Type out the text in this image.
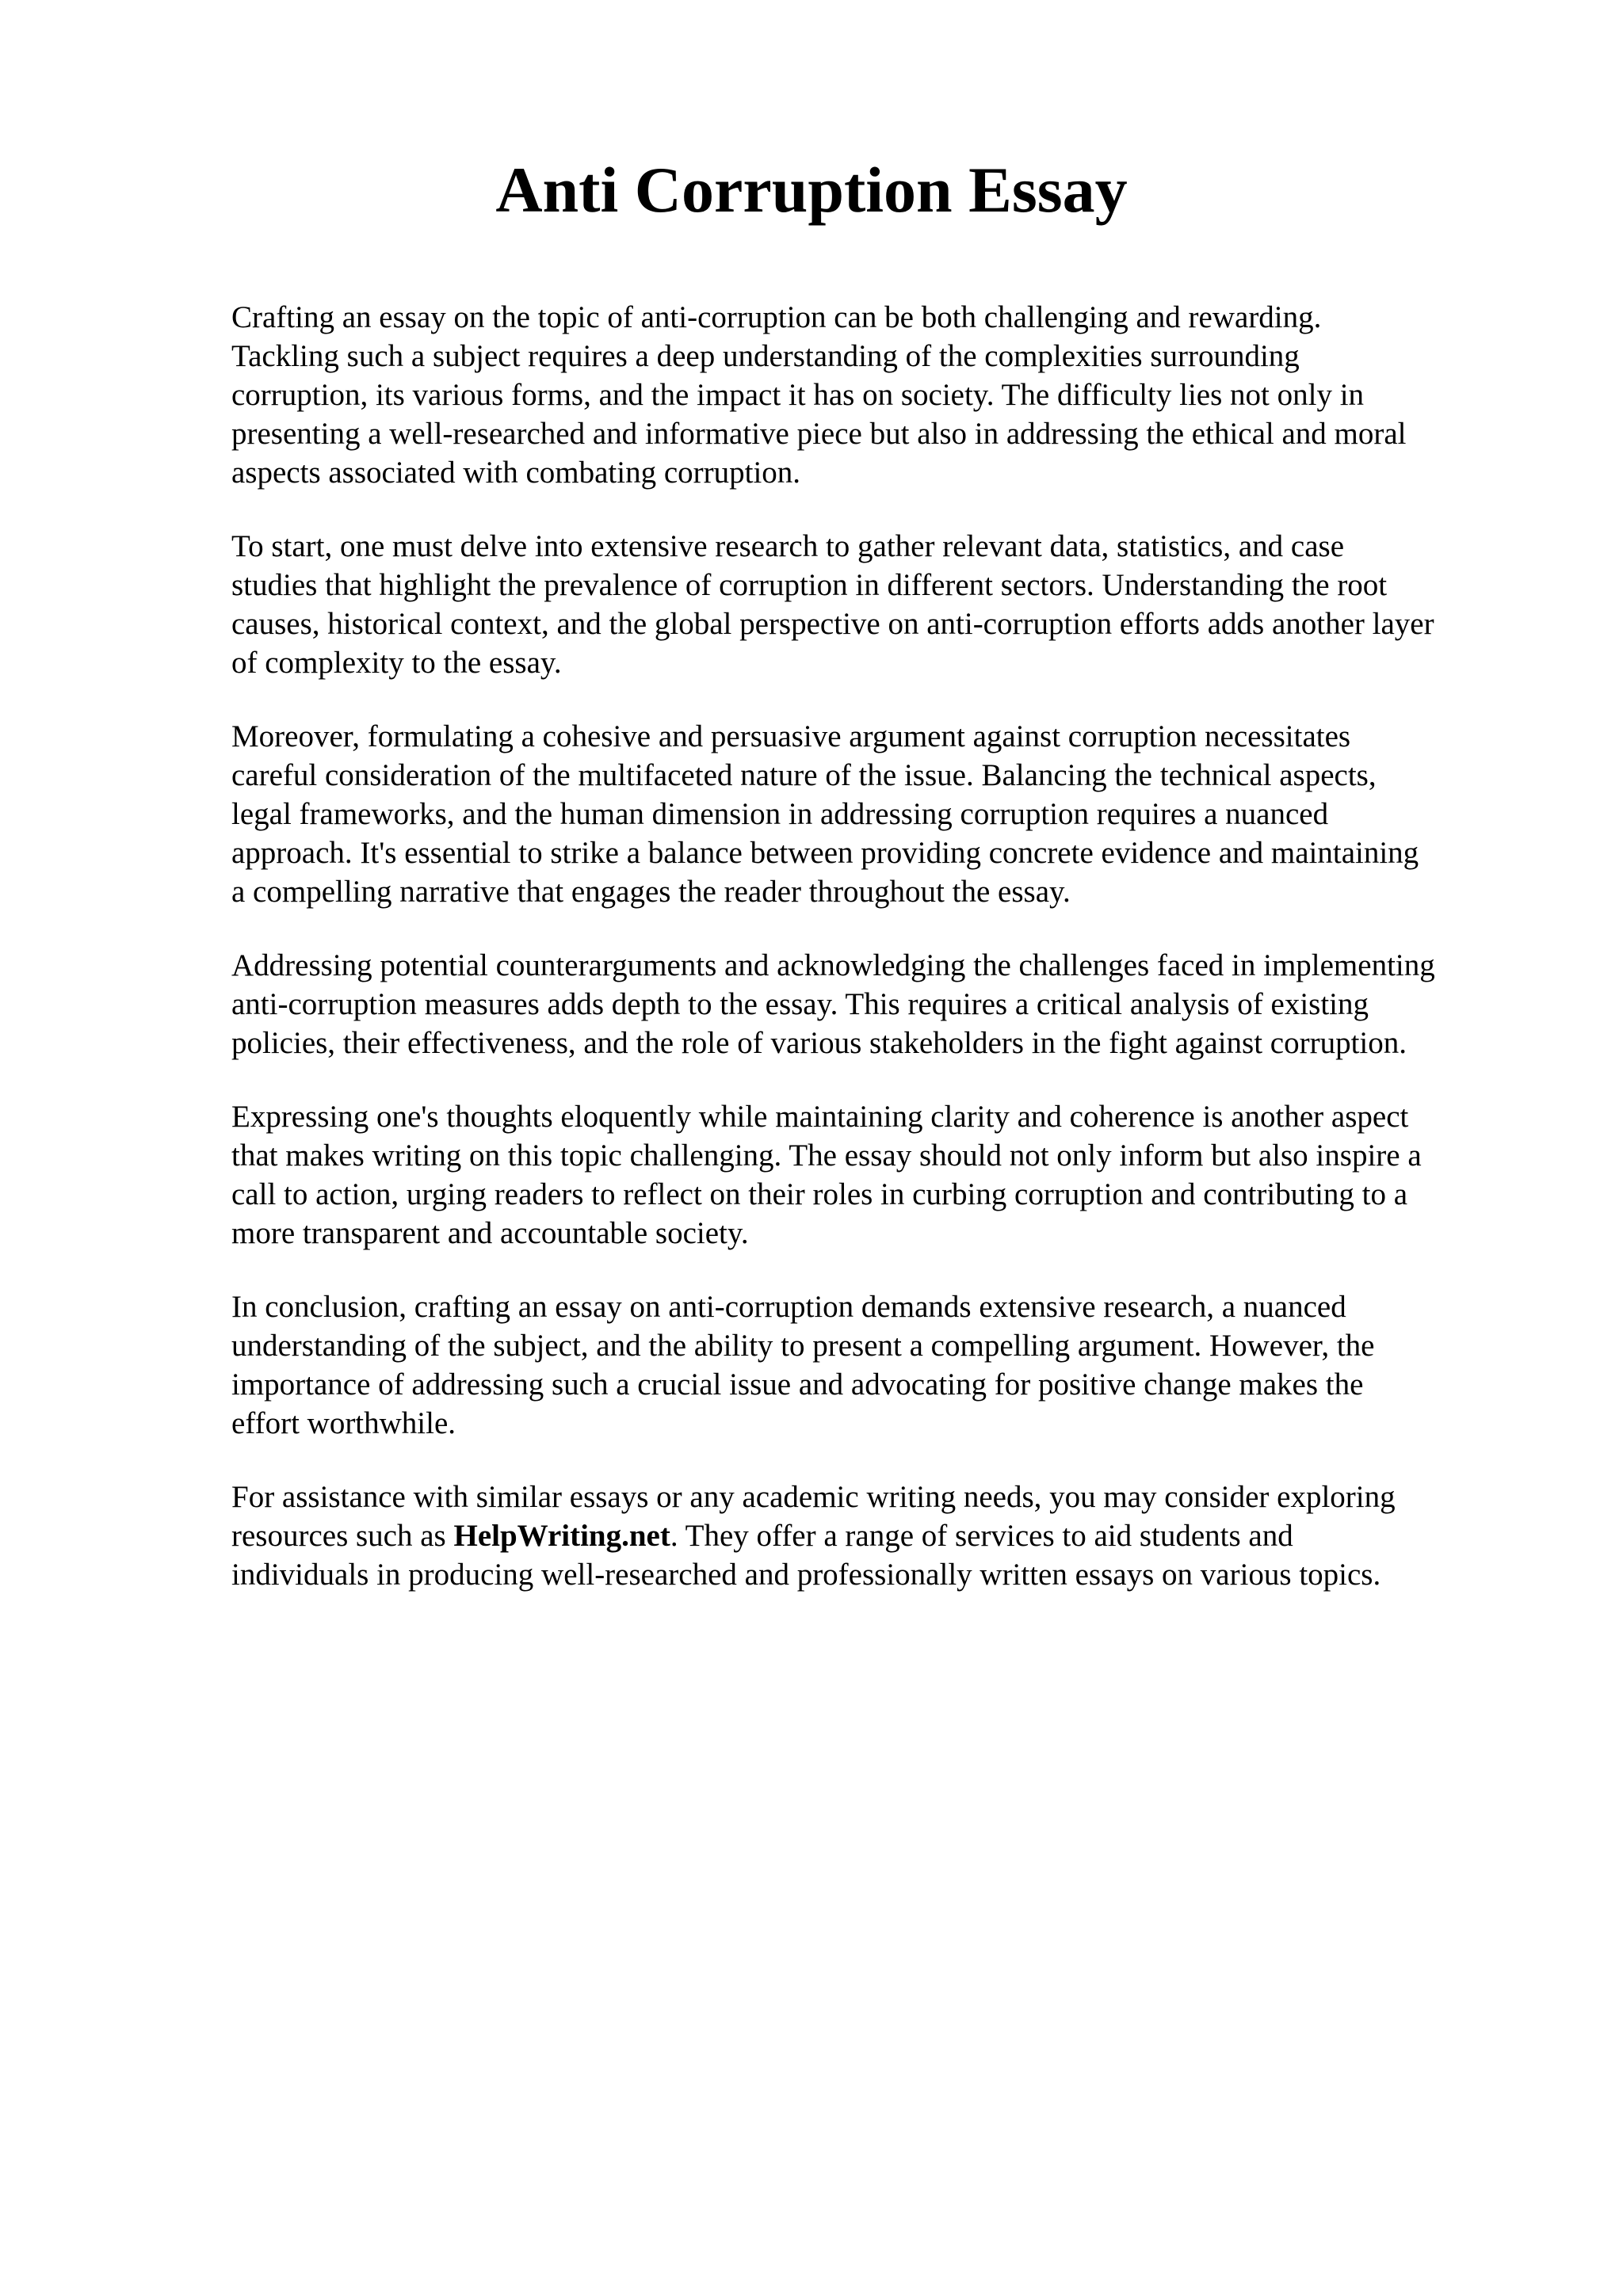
Anti Corruption Essay

Crafting an essay on the topic of anti-corruption can be both challenging and rewarding.
Tackling such a subject requires a deep understanding of the complexities surrounding
corruption, its various forms, and the impact it has on society. The difficulty lies not only in
presenting a well-researched and informative piece but also in addressing the ethical and moral
aspects associated with combating corruption.

To start, one must delve into extensive research to gather relevant data, statistics, and case
studies that highlight the prevalence of corruption in different sectors. Understanding the root
causes, historical context, and the global perspective on anti-corruption efforts adds another layer
of complexity to the essay.

Moreover, formulating a cohesive and persuasive argument against corruption necessitates
careful consideration of the multifaceted nature of the issue. Balancing the technical aspects,
legal frameworks, and the human dimension in addressing corruption requires a nuanced
approach. It's essential to strike a balance between providing concrete evidence and maintaining
a compelling narrative that engages the reader throughout the essay.

Addressing potential counterarguments and acknowledging the challenges faced in implementing
anti-corruption measures adds depth to the essay. This requires a critical analysis of existing
policies, their effectiveness, and the role of various stakeholders in the fight against corruption.

Expressing one's thoughts eloquently while maintaining clarity and coherence is another aspect
that makes writing on this topic challenging. The essay should not only inform but also inspire a
call to action, urging readers to reflect on their roles in curbing corruption and contributing to a
more transparent and accountable society.

In conclusion, crafting an essay on anti-corruption demands extensive research, a nuanced
understanding of the subject, and the ability to present a compelling argument. However, the
importance of addressing such a crucial issue and advocating for positive change makes the
effort worthwhile.

For assistance with similar essays or any academic writing needs, you may consider exploring
resources such as HelpWriting.net. They offer a range of services to aid students and
individuals in producing well-researched and professionally written essays on various topics.
